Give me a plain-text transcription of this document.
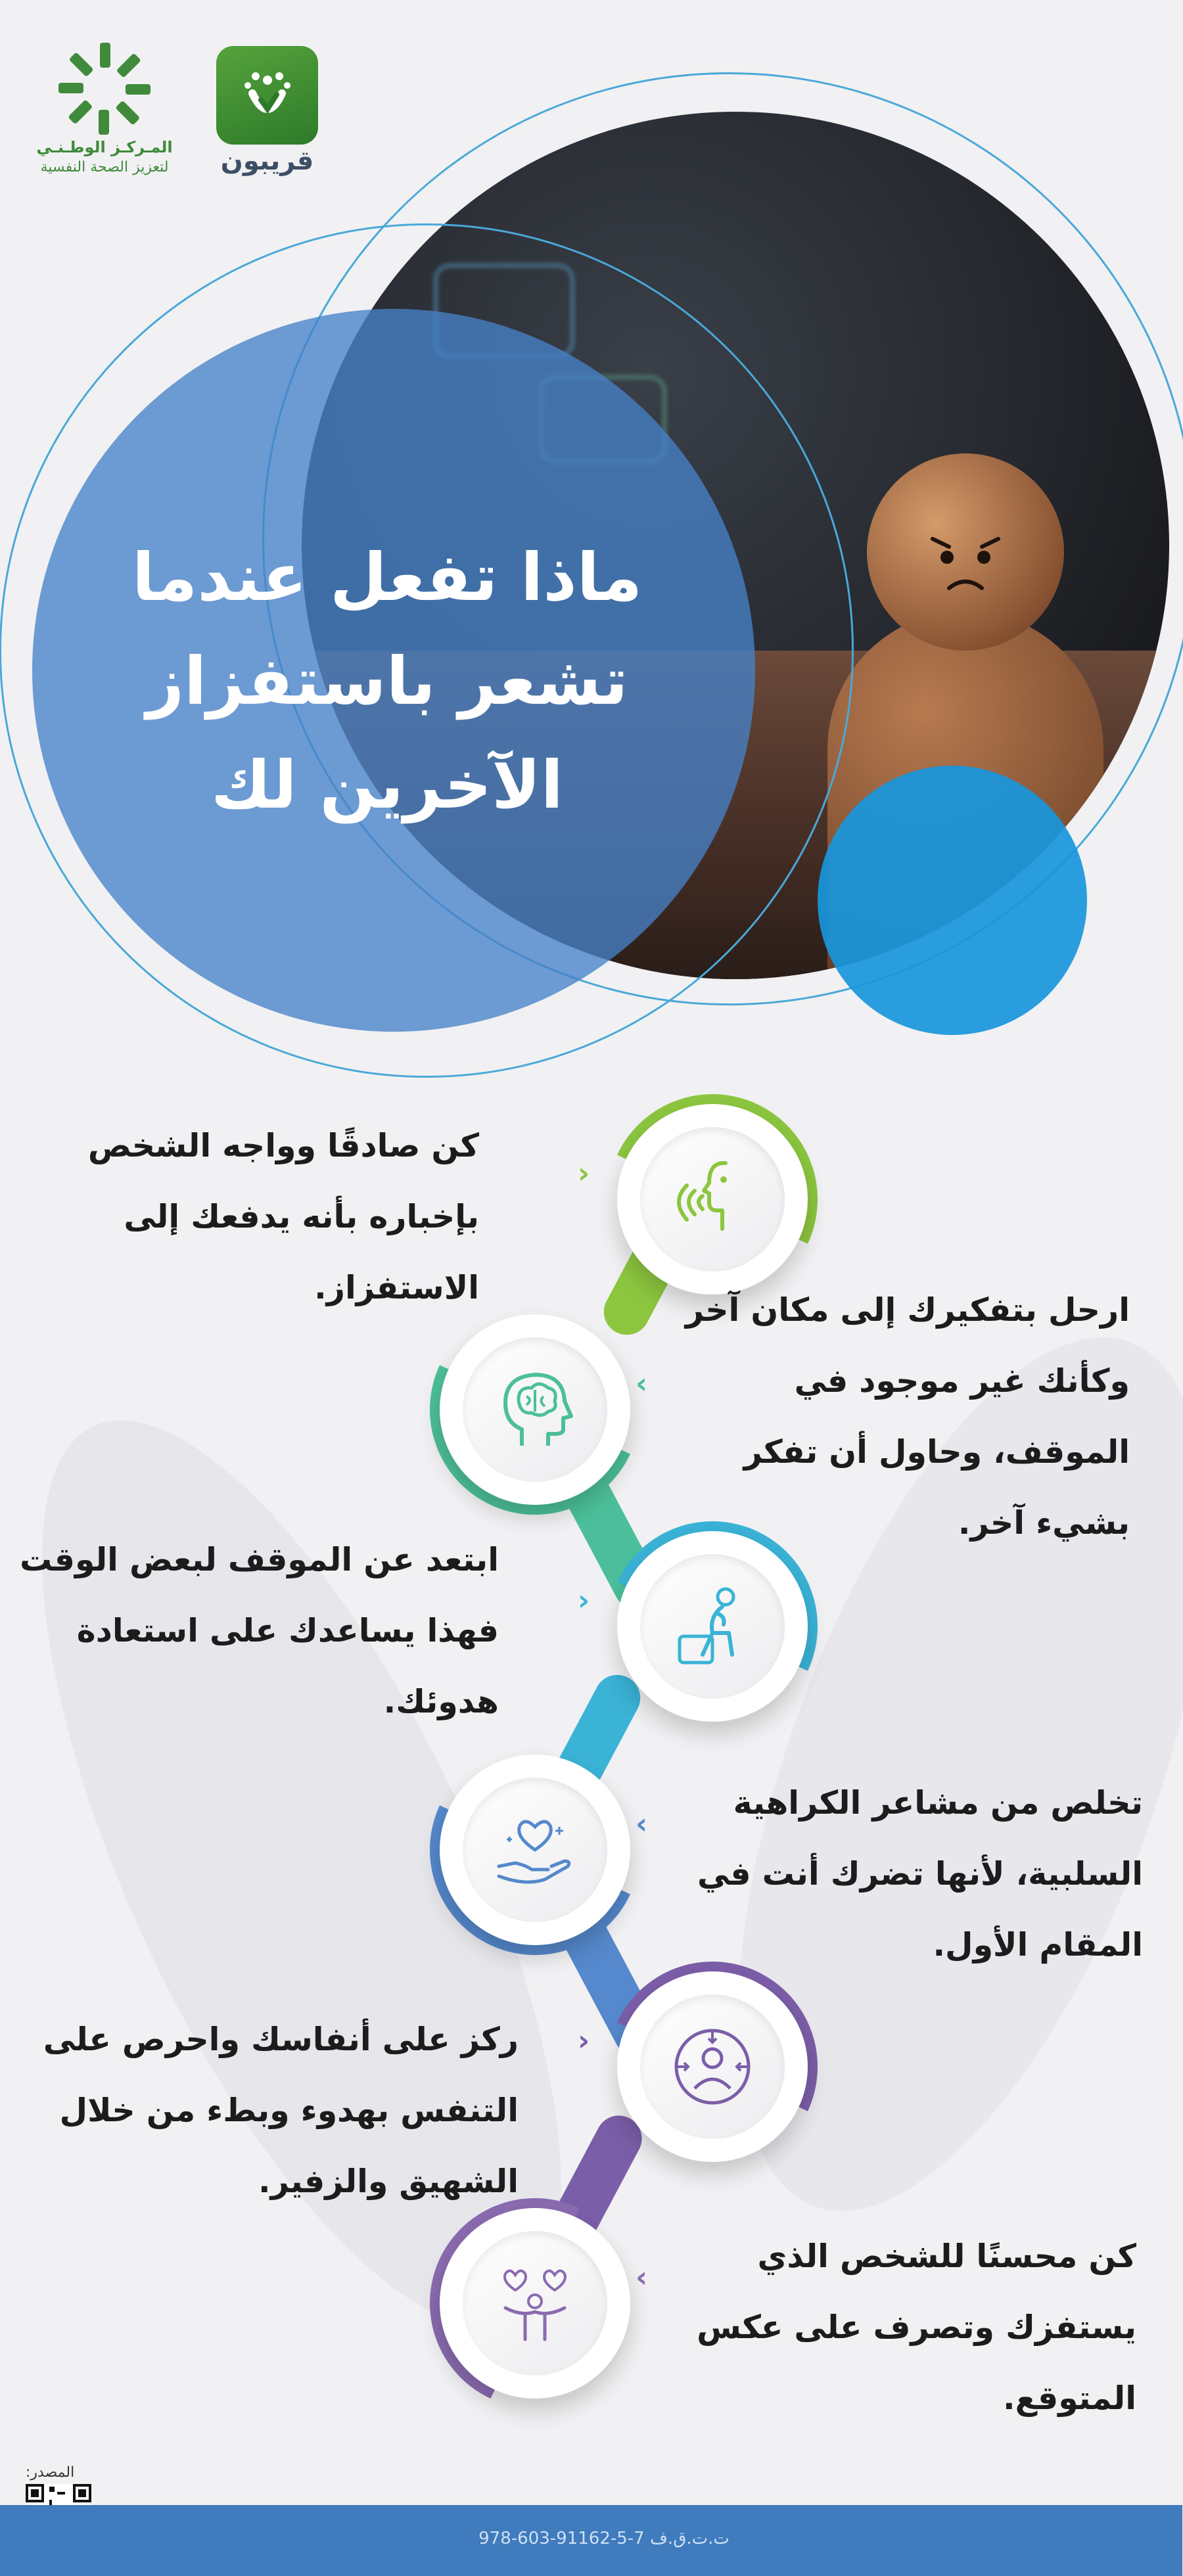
قريبون
المـركـز الوطـنـي
لتعزيز الصحة النفسية
ماذا تفعل عندما
تشعر باستفزاز
الآخرين لك
‹
›
‹
›
‹
›
كن صادقًا وواجه الشخص
بإخباره بأنه يدفعك إلى
الاستفزاز.
ارحل بتفكيرك إلى مكان آخر
وكأنك غير موجود في
الموقف، وحاول أن تفكر
بشيء آخر.
ابتعد عن الموقف لبعض الوقت
فهذا يساعدك على استعادة
هدوئك.
تخلص من مشاعر الكراهية
السلبية، لأنها تضرك أنت في
المقام الأول.
ركز على أنفاسك واحرص على
التنفس بهدوء وبطء من خلال
الشهيق والزفير.
كن محسنًا للشخص الذي
يستفزك وتصرف على عكس
المتوقع.
المصدر:
978-603-91162-5-7 ت.ت.ق.ف
